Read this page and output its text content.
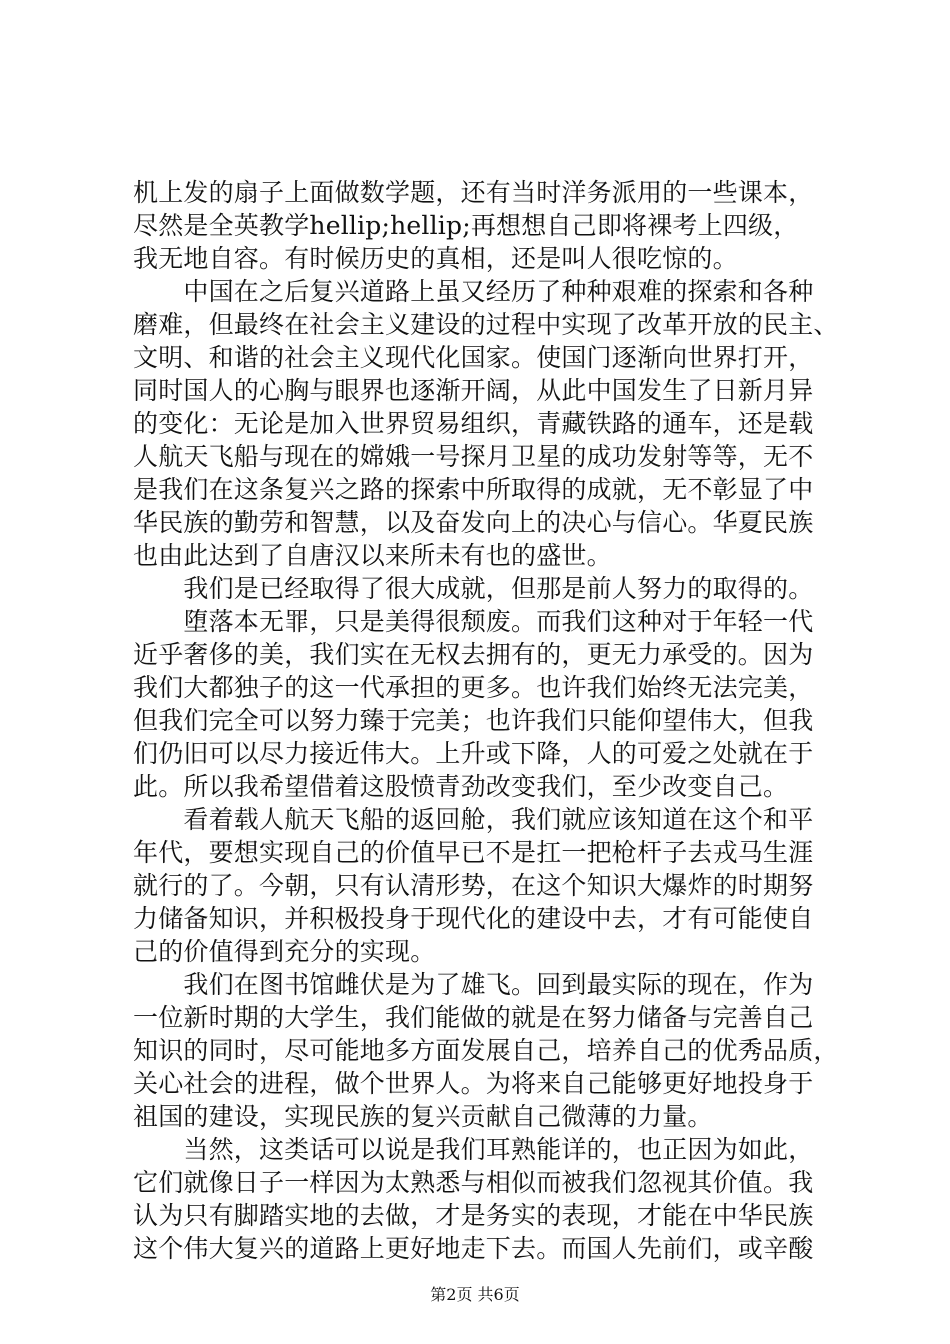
机上发的扇子上面做数学题，还有当时洋务派用的一些课本，
尽然是全英教学hellip;hellip;再想想自己即将裸考上四级，
我无地自容。有时候历史的真相，还是叫人很吃惊的。
　　中国在之后复兴道路上虽又经历了种种艰难的探索和各种
磨难，但最终在社会主义建设的过程中实现了改革开放的民主、
文明、和谐的社会主义现代化国家。使国门逐渐向世界打开，
同时国人的心胸与眼界也逐渐开阔，从此中国发生了日新月异
的变化：无论是加入世界贸易组织，青藏铁路的通车，还是载
人航天飞船与现在的嫦娥一号探月卫星的成功发射等等，无不
是我们在这条复兴之路的探索中所取得的成就，无不彰显了中
华民族的勤劳和智慧，以及奋发向上的决心与信心。华夏民族
也由此达到了自唐汉以来所未有也的盛世。
　　我们是已经取得了很大成就，但那是前人努力的取得的。
　　堕落本无罪，只是美得很颓废。而我们这种对于年轻一代
近乎奢侈的美，我们实在无权去拥有的，更无力承受的。因为
我们大都独子的这一代承担的更多。也许我们始终无法完美，
但我们完全可以努力臻于完美；也许我们只能仰望伟大，但我
们仍旧可以尽力接近伟大。上升或下降，人的可爱之处就在于
此。所以我希望借着这股愤青劲改变我们，至少改变自己。
　　看着载人航天飞船的返回舱，我们就应该知道在这个和平
年代，要想实现自己的价值早已不是扛一把枪杆子去戎马生涯
就行的了。今朝，只有认清形势，在这个知识大爆炸的时期努
力储备知识，并积极投身于现代化的建设中去，才有可能使自
己的价值得到充分的实现。
　　我们在图书馆雌伏是为了雄飞。回到最实际的现在，作为
一位新时期的大学生，我们能做的就是在努力储备与完善自己
知识的同时，尽可能地多方面发展自己，培养自己的优秀品质，
关心社会的进程，做个世界人。为将来自己能够更好地投身于
祖国的建设，实现民族的复兴贡献自己微薄的力量。
　　当然，这类话可以说是我们耳熟能详的，也正因为如此，
它们就像日子一样因为太熟悉与相似而被我们忽视其价值。我
认为只有脚踏实地的去做，才是务实的表现，才能在中华民族
这个伟大复兴的道路上更好地走下去。而国人先前们，或辛酸
第2页 共6页
